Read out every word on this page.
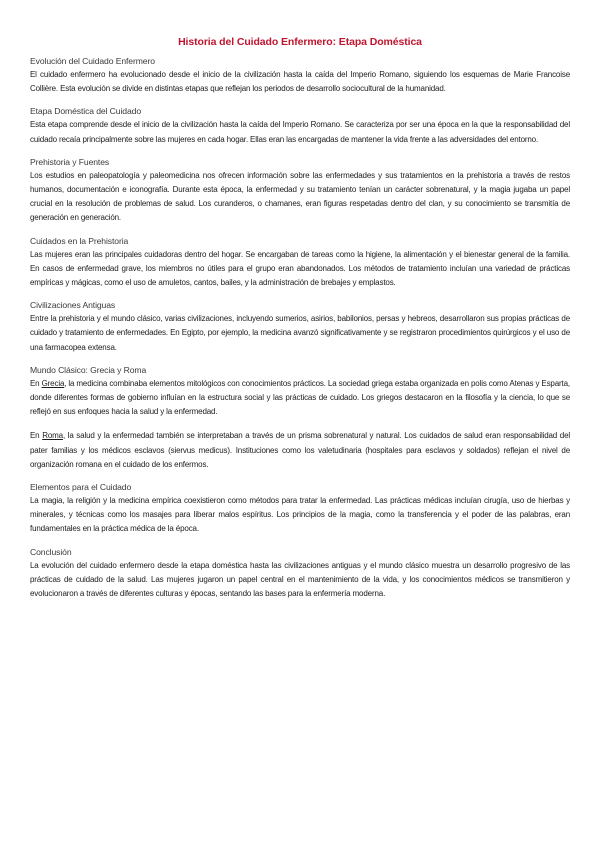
Historia del Cuidado Enfermero: Etapa Doméstica
Evolución del Cuidado Enfermero

El cuidado enfermero ha evolucionado desde el inicio de la civilización hasta la caída del Imperio Romano, siguiendo los esquemas de Marie Francoise Collière. Esta evolución se divide en distintas etapas que reflejan los periodos de desarrollo sociocultural de la humanidad.

Etapa Doméstica del Cuidado

Esta etapa comprende desde el inicio de la civilización hasta la caída del Imperio Romano. Se caracteriza por ser una época en la que la responsabilidad del cuidado recaía principalmente sobre las mujeres en cada hogar. Ellas eran las encargadas de mantener la vida frente a las adversidades del entorno.

Prehistoria y Fuentes

Los estudios en paleopatología y paleomedicina nos ofrecen información sobre las enfermedades y sus tratamientos en la prehistoria a través de restos humanos, documentación e iconografía. Durante esta época, la enfermedad y su tratamiento tenían un carácter sobrenatural, y la magia jugaba un papel crucial en la resolución de problemas de salud. Los curanderos, o chamanes, eran figuras respetadas dentro del clan, y su conocimiento se transmitía de generación en generación.

Cuidados en la Prehistoria

Las mujeres eran las principales cuidadoras dentro del hogar. Se encargaban de tareas como la higiene, la alimentación y el bienestar general de la familia. En casos de enfermedad grave, los miembros no útiles para el grupo eran abandonados. Los métodos de tratamiento incluían una variedad de prácticas empíricas y mágicas, como el uso de amuletos, cantos, bailes, y la administración de brebajes y emplastos.

Civilizaciones Antiguas

Entre la prehistoria y el mundo clásico, varias civilizaciones, incluyendo sumerios, asirios, babilonios, persas y hebreos, desarrollaron sus propias prácticas de cuidado y tratamiento de enfermedades. En Egipto, por ejemplo, la medicina avanzó significativamente y se registraron procedimientos quirúrgicos y el uso de una farmacopea extensa.

Mundo Clásico: Grecia y Roma

En Grecia, la medicina combinaba elementos mitológicos con conocimientos prácticos. La sociedad griega estaba organizada en polis como Atenas y Esparta, donde diferentes formas de gobierno influían en la estructura social y las prácticas de cuidado. Los griegos destacaron en la filosofía y la ciencia, lo que se reflejó en sus enfoques hacia la salud y la enfermedad.

En Roma, la salud y la enfermedad también se interpretaban a través de un prisma sobrenatural y natural. Los cuidados de salud eran responsabilidad del pater familias y los médicos esclavos (siervus medicus). Instituciones como los valetudinaria (hospitales para esclavos y soldados) reflejan el nivel de organización romana en el cuidado de los enfermos.

Elementos para el Cuidado

La magia, la religión y la medicina empírica coexistieron como métodos para tratar la enfermedad. Las prácticas médicas incluían cirugía, uso de hierbas y minerales, y técnicas como los masajes para liberar malos espíritus. Los principios de la magia, como la transferencia y el poder de las palabras, eran fundamentales en la práctica médica de la época.

Conclusión

La evolución del cuidado enfermero desde la etapa doméstica hasta las civilizaciones antiguas y el mundo clásico muestra un desarrollo progresivo de las prácticas de cuidado de la salud. Las mujeres jugaron un papel central en el mantenimiento de la vida, y los conocimientos médicos se transmitieron y evolucionaron a través de diferentes culturas y épocas, sentando las bases para la enfermería moderna.
